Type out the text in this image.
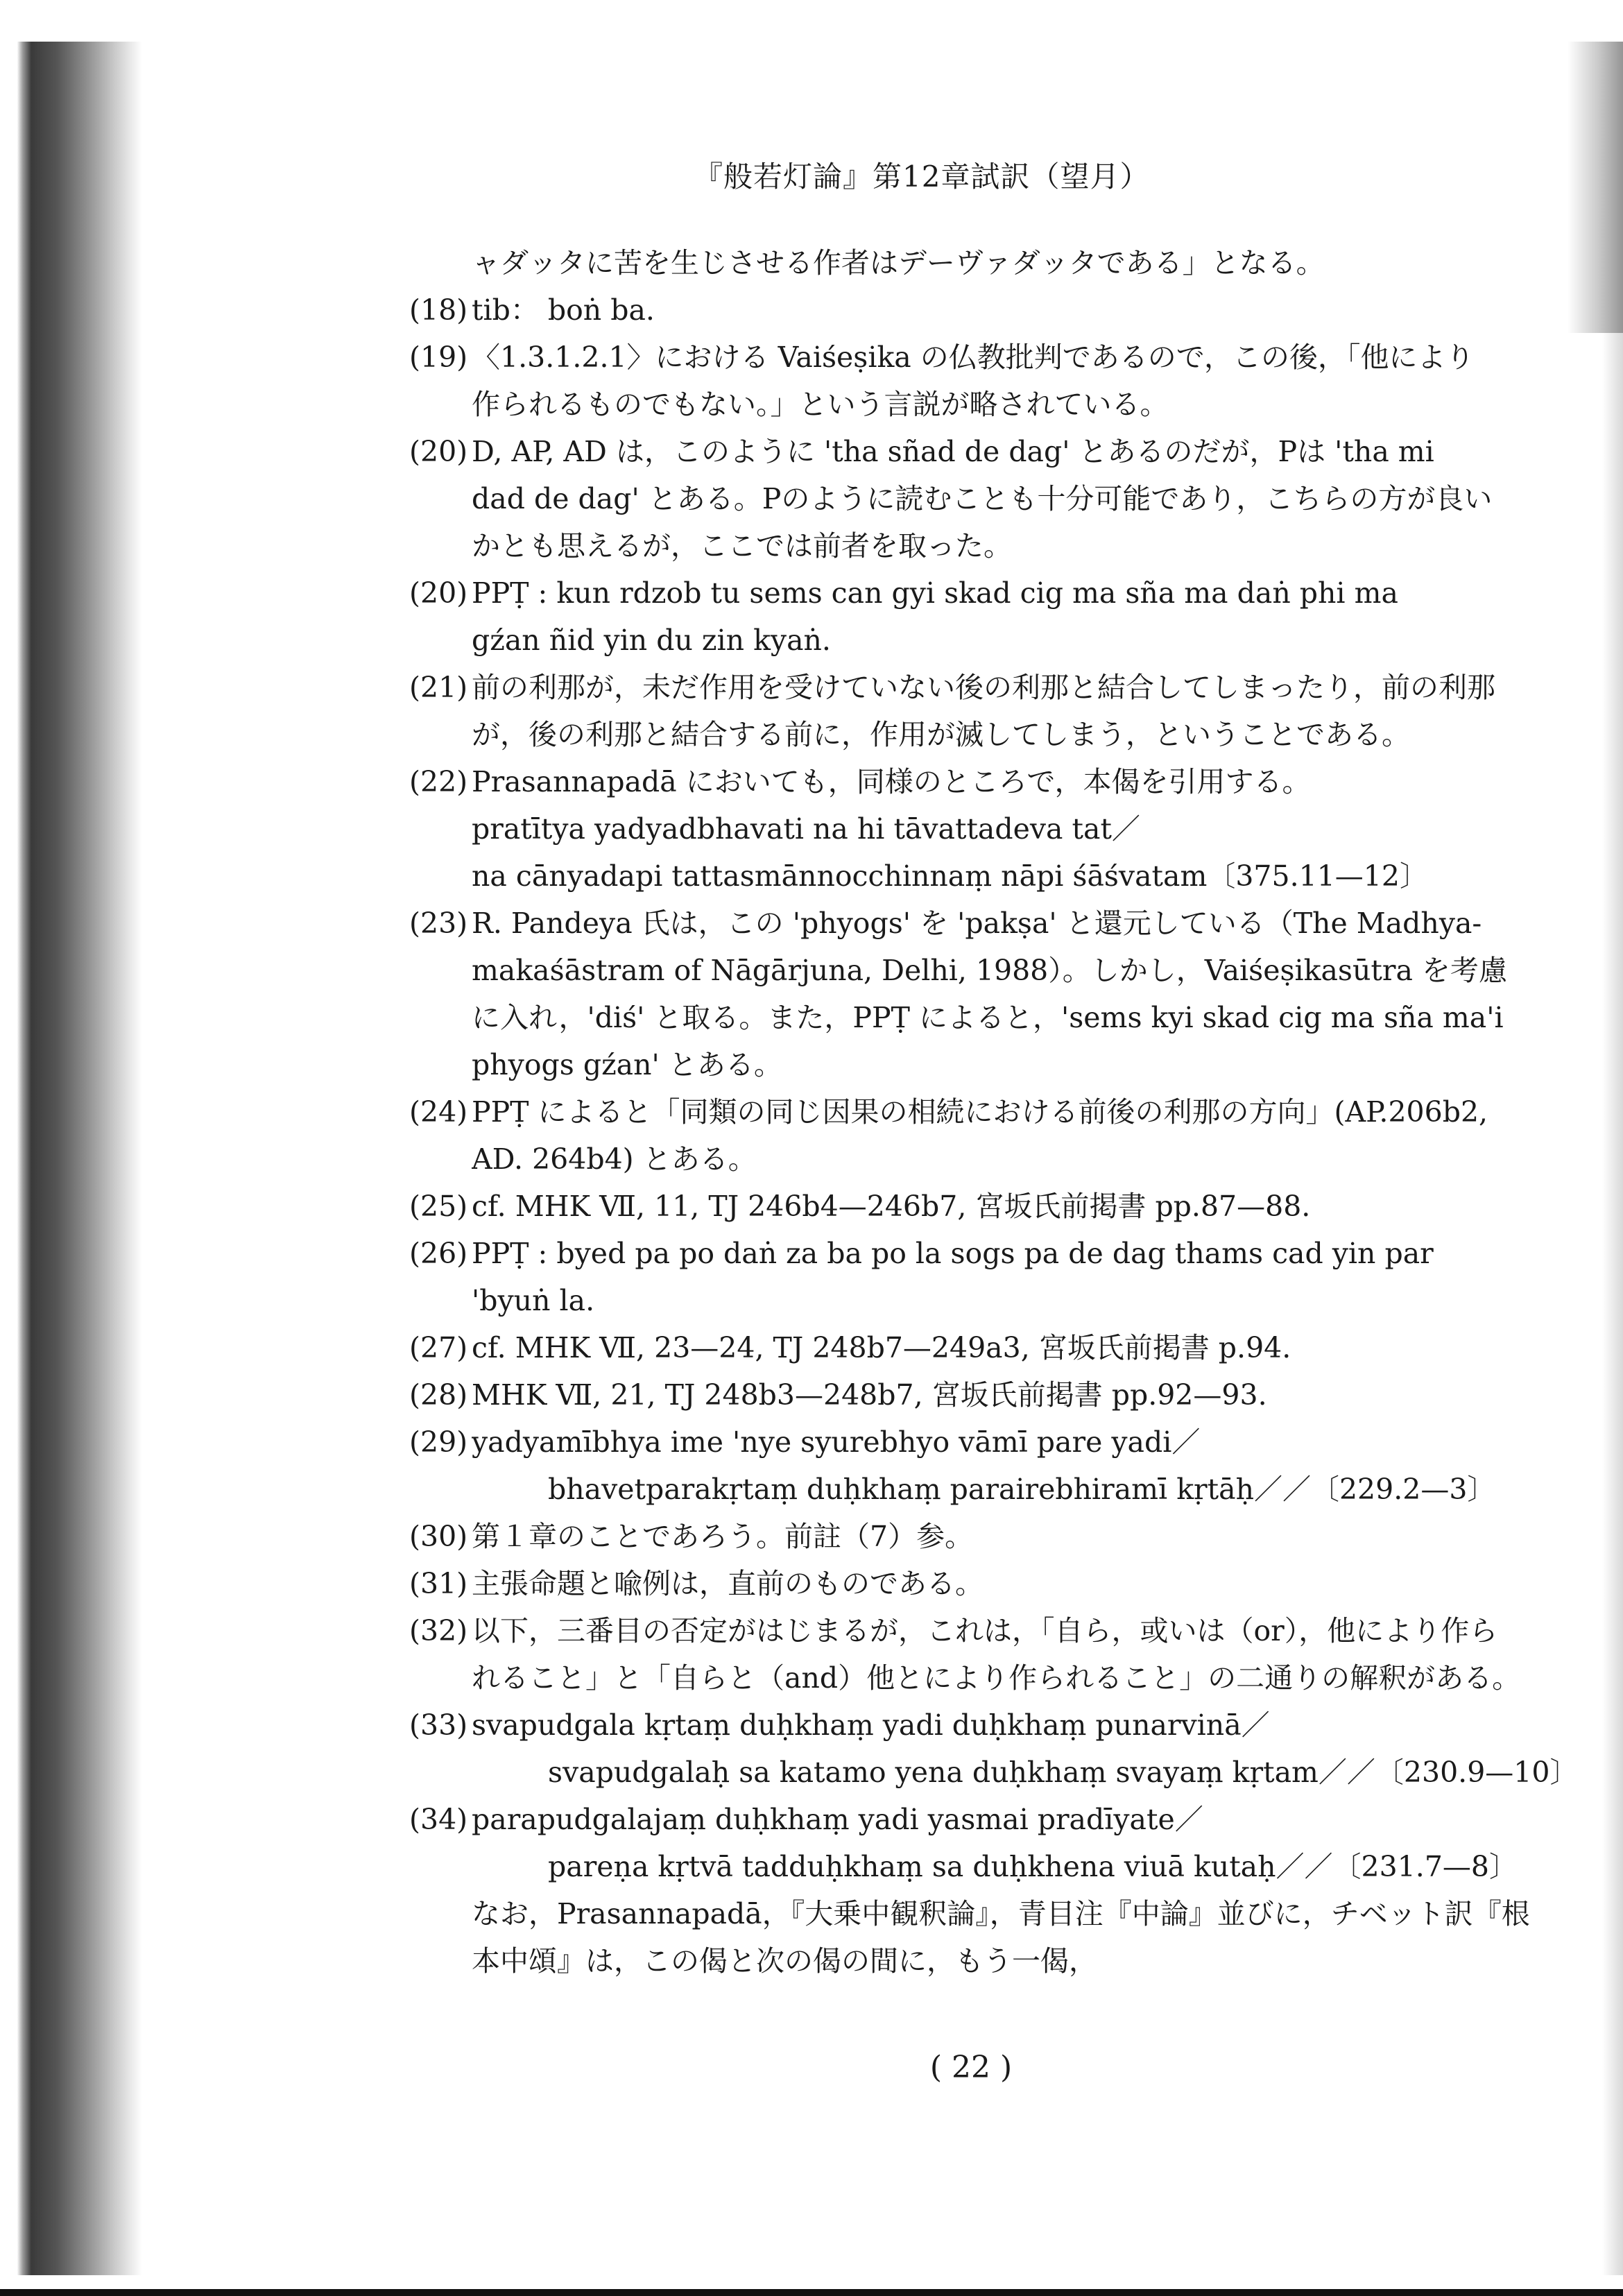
『般若灯論』第12章試訳（望月）
ャダッタに苦を生じさせる作者はデーヴァダッタである」となる。
(18) tib： boṅ ba.
(19) 〈1.3.1.2.1〉における Vaiśeṣika の仏教批判であるので，この後，「他により
作られるものでもない。」という言説が略されている。
(20) D, AP, AD は，このように 'tha sñad de dag' とあるのだが，Pは 'tha mi
dad de dag' とある。Pのように読むことも十分可能であり，こちらの方が良い
かとも思えるが，ここでは前者を取った。
(20) PPṬ : kun rdzob tu sems can gyi skad cig ma sña ma daṅ phi ma
gźan ñid yin du zin kyaṅ.
(21) 前の利那が，未だ作用を受けていない後の利那と結合してしまったり，前の利那
が，後の利那と結合する前に，作用が滅してしまう，ということである。
(22) Prasannapadā においても，同様のところで，本偈を引用する。
pratītya yadyadbhavati na hi tāvattadeva tat／
na cānyadapi tattasmānnocchinnaṃ nāpi śāśvatam〔375.11—12〕
(23) R. Pandeya 氏は，この 'phyogs' を 'pakṣa' と還元している（The Madhya-
makaśāstram of Nāgārjuna, Delhi, 1988）。しかし，Vaiśeṣikasūtra を考慮
に入れ，'diś' と取る。また，PPṬ によると，'sems kyi skad cig ma sña ma'i
phyogs gźan' とある。
(24) PPṬ によると「同類の同じ因果の相続における前後の利那の方向」(AP.206b2,
AD. 264b4) とある。
(25) cf. MHK Ⅶ, 11, TJ 246b4—246b7, 宮坂氏前掲書 pp.87—88.
(26) PPṬ : byed pa po daṅ za ba po la sogs pa de dag thams cad yin par
'byuṅ la.
(27) cf. MHK Ⅶ, 23—24, TJ 248b7—249a3, 宮坂氏前掲書 p.94.
(28) MHK Ⅶ, 21, TJ 248b3—248b7, 宮坂氏前掲書 pp.92—93.
(29) yadyamībhya ime 'nye syurebhyo vāmī pare yadi／
bhavetparakṛtaṃ duḥkhaṃ parairebhiramī kṛtāḥ／／〔229.2—3〕
(30) 第１章のことであろう。前註（7）参。
(31) 主張命題と喩例は，直前のものである。
(32) 以下，三番目の否定がはじまるが，これは，「自ら，或いは（or），他により作ら
れること」と「自らと（and）他とにより作られること」の二通りの解釈がある。
(33) svapudgala kṛtaṃ duḥkhaṃ yadi duḥkhaṃ punarvinā／
svapudgalaḥ sa katamo yena duḥkhaṃ svayaṃ kṛtam／／〔230.9—10〕
(34) parapudgalajaṃ duḥkhaṃ yadi yasmai pradīyate／
pareṇa kṛtvā tadduḥkhaṃ sa duḥkhena viuā kutaḥ／／〔231.7—8〕
なお，Prasannapadā，『大乗中観釈論』，青目注『中論』並びに，チベット訳『根
本中頌』は，この偈と次の偈の間に，もう一偈，
( 22 )
